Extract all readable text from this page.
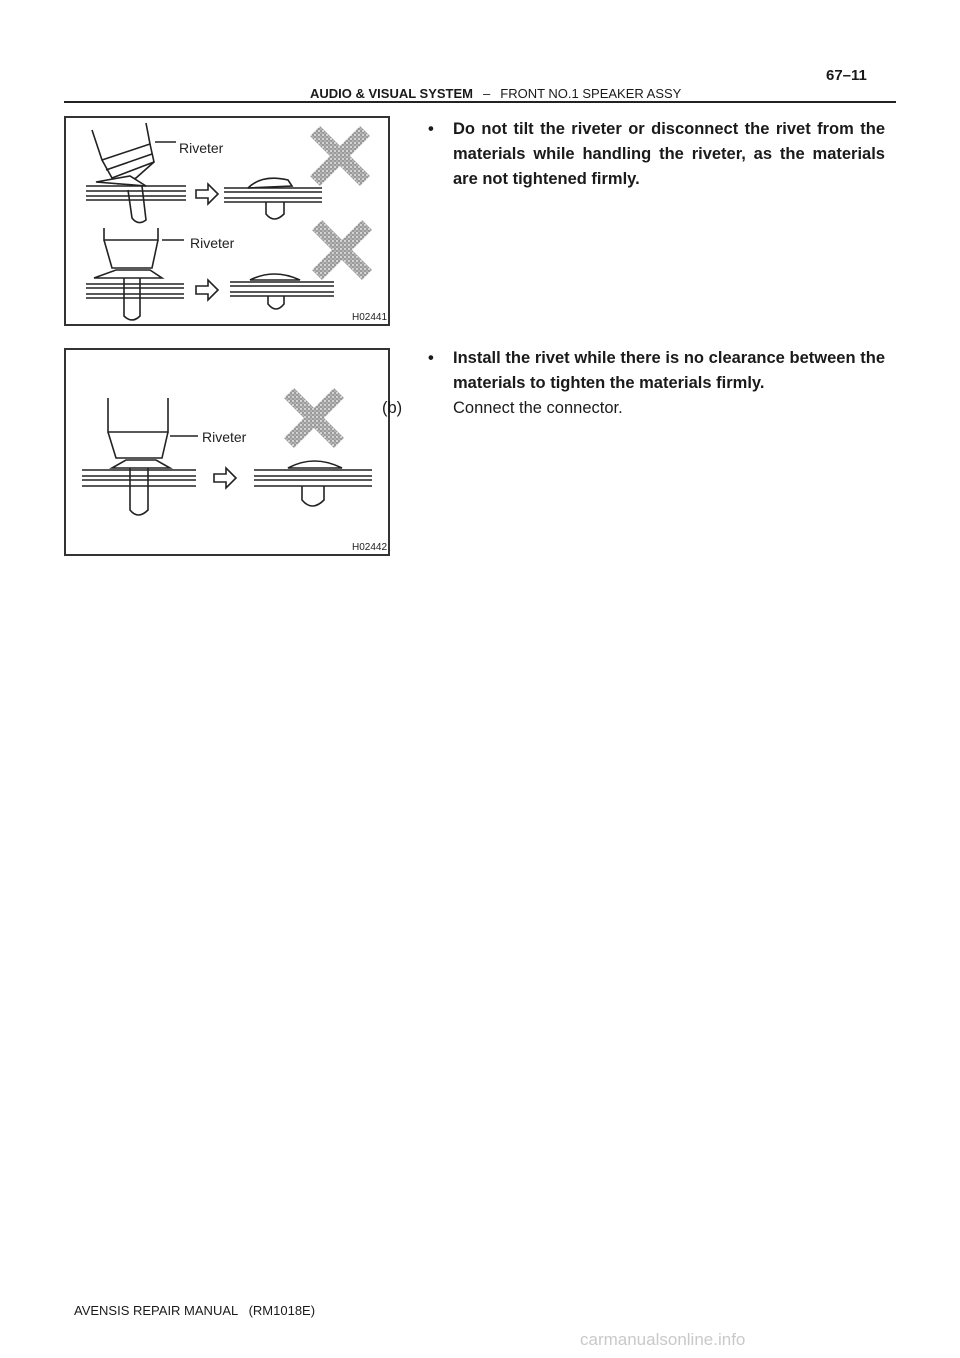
67–11
AUDIO & VISUAL SYSTEM – FRONT NO.1 SPEAKER ASSY
Riveter
Riveter
H02441
• Do not tilt the riveter or disconnect the rivet from the materials while handling the riveter, as the materials are not tightened firmly.
Riveter
H02442
• Install the rivet while there is no clearance between the materials to tighten the materials firmly.
(b)	Connect the connector.
AVENSIS REPAIR MANUAL   (RM1018E)
carmanualsonline.info
